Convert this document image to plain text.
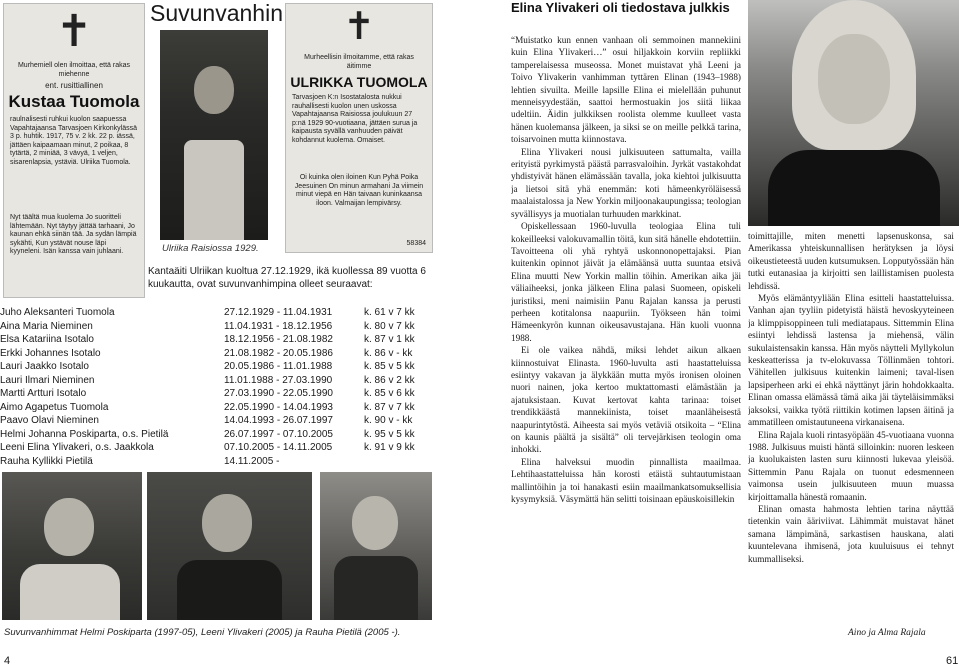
Suvunvanhin
✝
Murhemiell olen ilmoittaa, että rakas miehenne
ent. rusittiallinen
Kustaa Tuomola
raulnalisesti ruhkui kuolon saapuessa Vapahtajaansa Tarvasjoen Kirkonkylässä 3 p. huhtik. 1917, 75 v. 2 kk. 22 p. iässä, jättäen kaipaamaan minut, 2 poikaa, 8 tytärtä, 2 miniää, 3 vävyä, 1 veljen, sisarenlapsia, ystäviä. Ulriika Tuomola.
Nyt täältä mua kuolema Jo suoritteli lähtemään. Nyt täytyy jättää tarhaani, Jo kaunan ehkä siinän tää. Ja sydän lämpiä sykähti, Kun ystävät nouse läpi kyyneleni. Isän kanssa vain juhlaani.	Ulriika Raisiossa 1929.
✝
Murheellisin ilmoitamme, että rakas äitimme
ULRIKKA TUOMOLA
Tarvasjoen K:n Isostatalosta nukkui rauhallisesti kuolon unen uskossa Vapahtajaansa Raisiossa joulukuun 27 p:nä 1929 90-vuotiaana, jättäen surua ja kaipausta syvällä vanhuuden päivät kohdannut kuolema. Omaiset.
Oi kuinka olen iloinen Kun Pyhä Poika Jeesuinen On minun armahani Ja viimein minut viepä en Hän taivaan kuninkaansa iloon. Valmaijan lempivärsy.
58384
Kantaäiti Ulriikan kuoltua 27.12.1929, ikä kuollessa 89 vuotta 6 kuukautta, ovat suvunvanhimpina olleet seuraavat:
Juho Aleksanteri Tuomola	27.12.1929 - 11.04.1931	k. 61 v 7 kk
Aina Maria Nieminen	11.04.1931 - 18.12.1956	k. 80 v 7 kk
Elsa Katariina Isotalo	18.12.1956 - 21.08.1982	k. 87 v 1 kk
Erkki Johannes Isotalo	21.08.1982 - 20.05.1986	k. 86 v - kk
Lauri Jaakko Isotalo	20.05.1986 - 11.01.1988	k. 85 v 5 kk
Lauri Ilmari Nieminen	11.01.1988 - 27.03.1990	k. 86 v 2 kk
Martti Artturi Isotalo	27.03.1990 - 22.05.1990	k. 85 v 6 kk
Aimo Agapetus Tuomola	22.05.1990 - 14.04.1993	k. 87 v 7 kk
Paavo Olavi Nieminen	14.04.1993 - 26.07.1997	k. 90 v - kk
Helmi Johanna Poskiparta, o.s. Pietilä	26.07.1997 - 07.10.2005	k. 95 v 5 kk
Leeni Elina Ylivakeri, o.s. Jaakkola	07.10.2005 - 14.11.2005	k. 91 v 9 kk
Rauha Kyllikki Pietilä	14.11.2005 -	
Suvunvanhimmat Helmi Poskiparta (1997-05), Leeni Ylivakeri (2005) ja Rauha Pietilä (2005 -).
4
Elina Ylivakeri oli tiedostava julkkis

“Muistatko kun ennen vanhaan oli semmoinen mannekiini kuin Elina Ylivakeri…” osui hiljakkoin korviin repliikki tamperelaisessa museossa. Monet muistavat yhä Leeni ja Toivo Ylivakerin vanhimman tyttären Elinan (1943–1988) lehtien sivuilta. Meille lapsille Elina ei mielellään puhunut menneisyydestään, saattoi hermostuakin jos siitä liikaa udeltiin. Äidin julkkiksen roolista olemme kuulleet vasta hänen kuolemansa jälkeen, ja siksi se on meille pelkkä tarina, toisarvoinen mutta kiinnostava.

Elina Ylivakeri nousi julkisuuteen sattumalta, vailla erityistä pyrkimystä päästä parrasvaloihin. Jyrkät vastakohdat yhdistyivät hänen elämässään tavalla, joka kiehtoi julkisuutta ja lietsoi sitä yhä enemmän: koti hämeenkyröläisessä maalaistalossa ja New Yorkin miljoonakaupungissa; teologian syvällisyys ja muotialan turhuuden markkinat.

Opiskellessaan 1960-luvulla teologiaa Elina tuli kokeilleeksi valokuvamallin töitä, kun sitä hänelle ehdotettiin. Tavoitteena oli yhä ryhtyä uskonnonopettajaksi. Pian kuitenkin opinnot jäivät ja elämäänsä uutta suuntaa etsivä Elina muutti New Yorkin mallin töihin. Amerikan aika jäi väliaiheeksi, jonka jälkeen Elina palasi Suomeen, opiskeli juristiksi, meni naimisiin Panu Rajalan kanssa ja perusti perheen kotitalonsa naapuriin. Työkseen hän toimi Hämeenkyrön kunnan oikeusavustajana. Hän kuoli vuonna 1988.

Ei ole vaikea nähdä, miksi lehdet aikun alkaen kiinnostuivat Elinasta. 1960-luvulta asti haastatteluissa esiintyy vakavan ja älykkään mutta myös ironisen oloinen nuori nainen, joka kertoo muktattomasti elämästään ja ajatuksistaan. Kuvat kertovat kahta tarinaa: toiset trendikkäästä mannekiinista, toiset maanläheisestä naapurintytöstä. Aiheesta sai myös vetäviä otsikoita – “Elina on kaunis päältä ja sisältä” oli tervejärkisen teologin oma inhokki.

Elina halveksui muodin pinnallista maailmaa. Lehtihaastatteluissa hän korosti etäistä suhtautumistaan mallintöihin ja toi hanakasti esiin maailmankatsomuksellisia kysymyksiä. Väsymättä hän selitti toisinaan epäuskoisillekin

toimittajille, miten menetti lapsenuskonsa, sai Amerikassa yhteiskunnallisen herätyksen ja löysi oikeustieteestä uuden kutsumuksen. Lopputyössään hän tutki eutanasiaa ja kirjoitti sen laillistamisen puolesta lehdissä.

Myös elämäntyyliään Elina esitteli haastatteluissa. Vanhan ajan tyyliin pidetyistä häistä hevoskyyteineen ja klimppisoppineen tuli mediatapaus. Sittemmin Elina esiintyi lehdissä lastensa ja miehensä, välin sukulaistensakin kanssa. Hän myös näytteli Myllykolun keskeatterissa ja tv-elokuvassa Töllinmäen tohtori. Vähitellen julkisuus kuitenkin laimeni; taval-lisen lapsiperheen arki ei ehkä näyttänyt järin hohdokkaalta. Elinan omassa elämässä tämä aika jäi täyteläisimmäksi jaksoksi, vaikka työtä riittikin kotimen lapsen äitinä ja ammatilleen omistautuneena virkanaisena.

Elina Rajala kuoli rintasyöpään 45-vuotiaana vuonna 1988. Julkisuus muisti häntä silloinkin: nuoren leskeen ja kuolukaisten lasten suru kiinnosti lukevaa yleisöä. Sittemmin Panu Rajala on tuonut edesmenneen vaimonsa usein julkisuuteen muun muassa kirjoittamalla hänestä romaanin.

Elinan omasta hahmosta lehtien tarina näyttää tietenkin vain ääriviivat. Lähimmät muistavat hänet samana lämpimänä, sarkastisen hauskana, alati kuuntelevana ihmisenä, jota kuuluisuus ei tehnyt kummalliseksi.

Aino ja Alma Rajala
61
